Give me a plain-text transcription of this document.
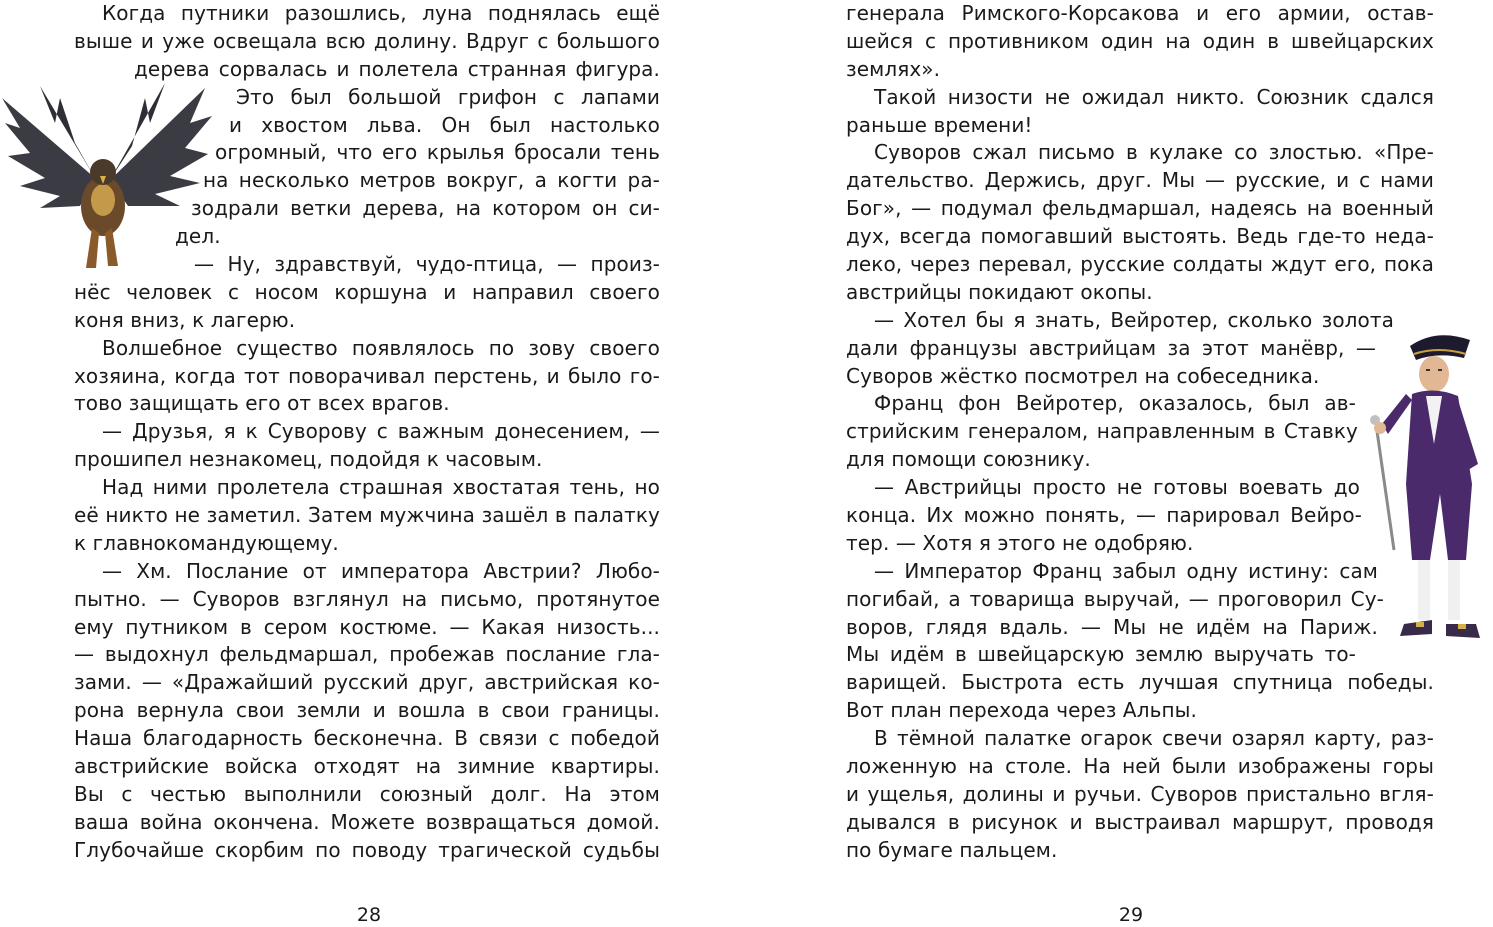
Когда путники разошлись, луна поднялась ещё
выше и уже освещала всю долину. Вдруг с большого
дерева сорвалась и полетела странная фигура.
Это был большой грифон с лапами
и хвостом льва. Он был настолько
огромный, что его крылья бросали тень
на несколько метров вокруг, а когти ра-
зодрали ветки дерева, на котором он си-
дел.
— Ну, здравствуй, чудо-птица, — произ-
нёс человек с носом коршуна и направил своего
коня вниз, к лагерю.
Волшебное существо появлялось по зову своего
хозяина, когда тот поворачивал перстень, и было го-
тово защищать его от всех врагов.
— Друзья, я к Суворову с важным донесением, —
прошипел незнакомец, подойдя к часовым.
Над ними пролетела страшная хвостатая тень, но
её никто не заметил. Затем мужчина зашёл в палатку
к главнокомандующему.
— Хм. Послание от императора Австрии? Любо-
пытно. — Суворов взглянул на письмо, протянутое
ему путником в сером костюме. — Какая низость...
— выдохнул фельдмаршал, пробежав послание гла-
зами. — «Дражайший русский друг, австрийская ко-
рона вернула свои земли и вошла в свои границы.
Наша благодарность бесконечна. В связи с победой
австрийские войска отходят на зимние квартиры.
Вы с честью выполнили союзный долг. На этом
ваша война окончена. Можете возвращаться домой.
Глубочайше скорбим по поводу трагической судьбы
28
генерала Римского-Корсакова и его армии, остав-
шейся с противником один на один в швейцарских
землях».
Такой низости не ожидал никто. Союзник сдался
раньше времени!
Суворов сжал письмо в кулаке со злостью. «Пре-
дательство. Держись, друг. Мы — русские, и с нами
Бог», — подумал фельдмаршал, надеясь на военный
дух, всегда помогавший выстоять. Ведь где-то неда-
леко, через перевал, русские солдаты ждут его, пока
австрийцы покидают окопы.
— Хотел бы я знать, Вейротер, сколько золота
дали французы австрийцам за этот манёвр, —
Суворов жёстко посмотрел на собеседника.
Франц фон Вейротер, оказалось, был ав-
стрийским генералом, направленным в Ставку
для помощи союзнику.
— Австрийцы просто не готовы воевать до
конца. Их можно понять, — парировал Вейро-
тер. — Хотя я этого не одобряю.
— Император Франц забыл одну истину: сам
погибай, а товарища выручай, — проговорил Су-
воров, глядя вдаль. — Мы не идём на Париж.
Мы идём в швейцарскую землю выручать то-
варищей. Быстрота есть лучшая спутница победы.
Вот план перехода через Альпы.
В тёмной палатке огарок свечи озарял карту, раз-
ложенную на столе. На ней были изображены горы
и ущелья, долины и ручьи. Суворов пристально вгля-
дывался в рисунок и выстраивал маршрут, проводя
по бумаге пальцем.
29
